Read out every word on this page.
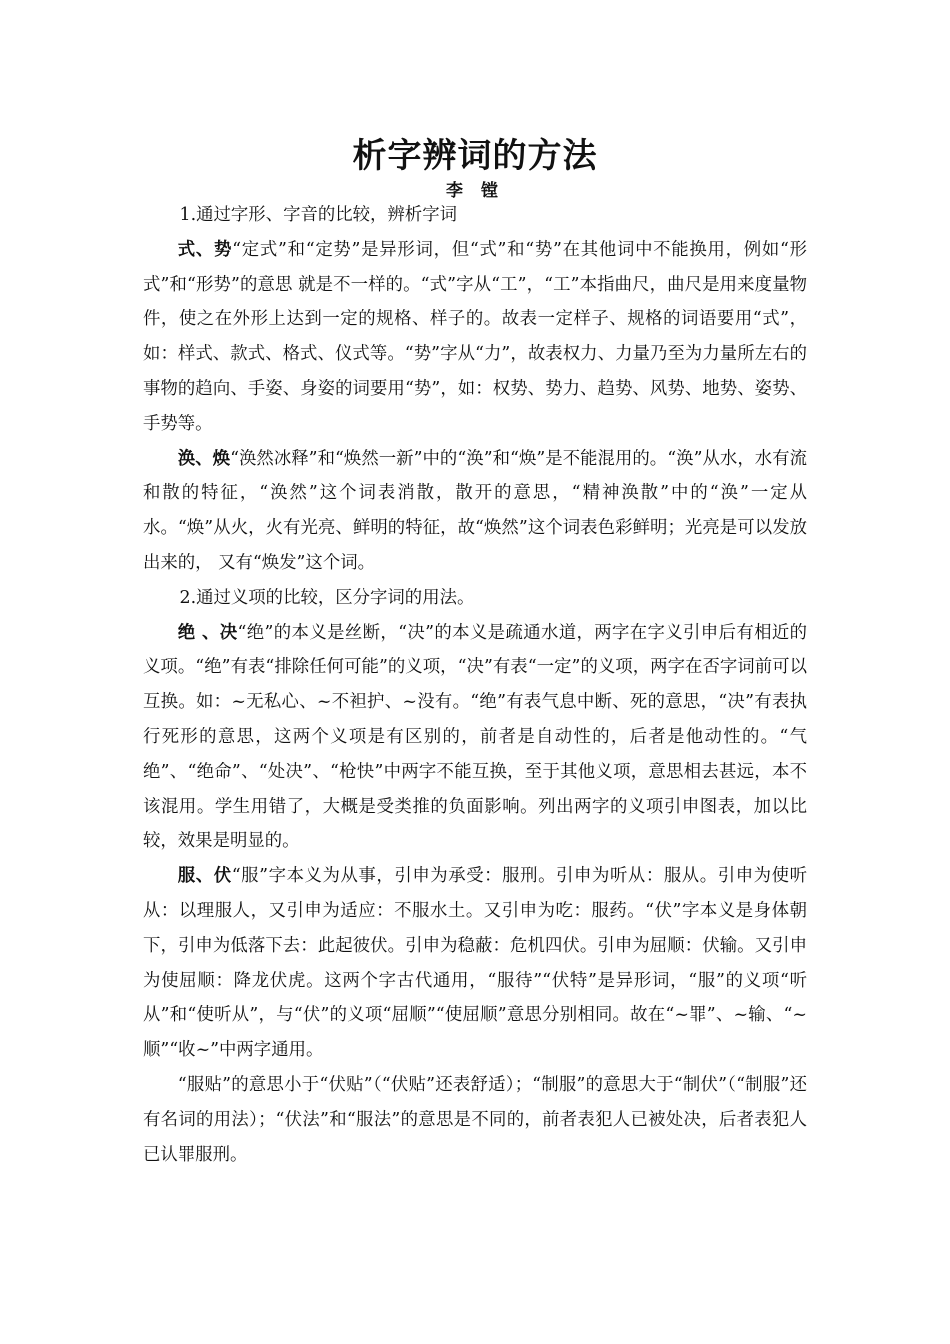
析字辨词的方法
李 镗

1.通过字形、字音的比较，辨析字词

式、势“定式”和“定势”是异形词，但“式”和“势”在其他词中不能换用，例如“形式”和“形势”的意思 就是不一样的。“式”字从“工”，“工”本指曲尺，曲尺是用来度量物件，使之在外形上达到一定的规格、样子的。故表一定样子、规格的词语要用“式”，如：样式、款式、格式、仪式等。“势”字从“力”，故表权力、力量乃至为力量所左右的事物的趋向、手姿、身姿的词要用“势”，如：权势、势力、趋势、风势、地势、姿势、手势等。

涣、焕“涣然冰释”和“焕然一新”中的“涣”和“焕”是不能混用的。“涣”从水，水有流和散的特征，“涣然”这个词表消散，散开的意思，“精神涣散”中的“涣”一定从水。“焕”从火，火有光亮、鲜明的特征，故“焕然”这个词表色彩鲜明；光亮是可以发放出来的， 又有“焕发”这个词。

2.通过义项的比较，区分字词的用法。

绝 、决“绝”的本义是丝断，“决”的本义是疏通水道，两字在字义引申后有相近的义项。“绝”有表“排除任何可能”的义项，“决”有表“一定”的义项，两字在否字词前可以互换。如：~无私心、~不袒护、~没有。“绝”有表气息中断、死的意思，“决”有表执行死形的意思，这两个义项是有区别的，前者是自动性的，后者是他动性的。“气绝”、“绝命”、“处决”、“枪快”中两字不能互换，至于其他义项，意思相去甚远，本不该混用。学生用错了，大概是受类推的负面影响。列出两字的义项引申图表，加以比较，效果是明显的。

服、伏“服”字本义为从事，引申为承受：服刑。引申为听从：服从。引申为使听从：以理服人，又引申为适应：不服水土。又引申为吃：服药。“伏”字本义是身体朝下，引申为低落下去：此起彼伏。引申为稳蔽：危机四伏。引申为屈顺：伏输。又引申为使屈顺：降龙伏虎。这两个字古代通用，“服待”“伏特”是异形词，“服”的义项“听从”和“使听从”，与“伏”的义项“屈顺”“使屈顺”意思分别相同。故在“~罪”、~输、“~顺”“收~”中两字通用。

“服贴”的意思小于“伏贴”（“伏贴”还表舒适）；“制服”的意思大于“制伏”（“制服”还有名词的用法）；“伏法”和“服法”的意思是不同的，前者表犯人已被处决，后者表犯人已认罪服刑。
